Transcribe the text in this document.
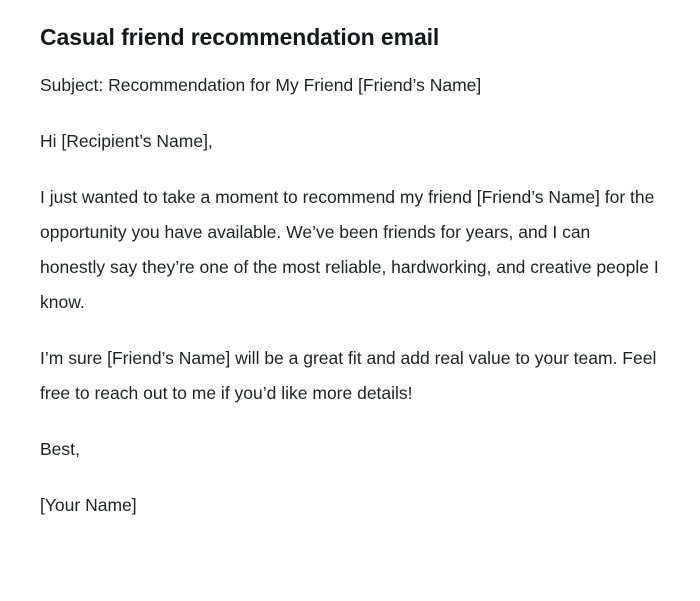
Casual friend recommendation email

Subject: Recommendation for My Friend [Friend’s Name]

Hi [Recipient’s Name],

I just wanted to take a moment to recommend my friend [Friend’s Name] for the opportunity you have available. We’ve been friends for years, and I can honestly say they’re one of the most reliable, hardworking, and creative people I know.

I’m sure [Friend’s Name] will be a great fit and add real value to your team. Feel free to reach out to me if you’d like more details!

Best,

[Your Name]
